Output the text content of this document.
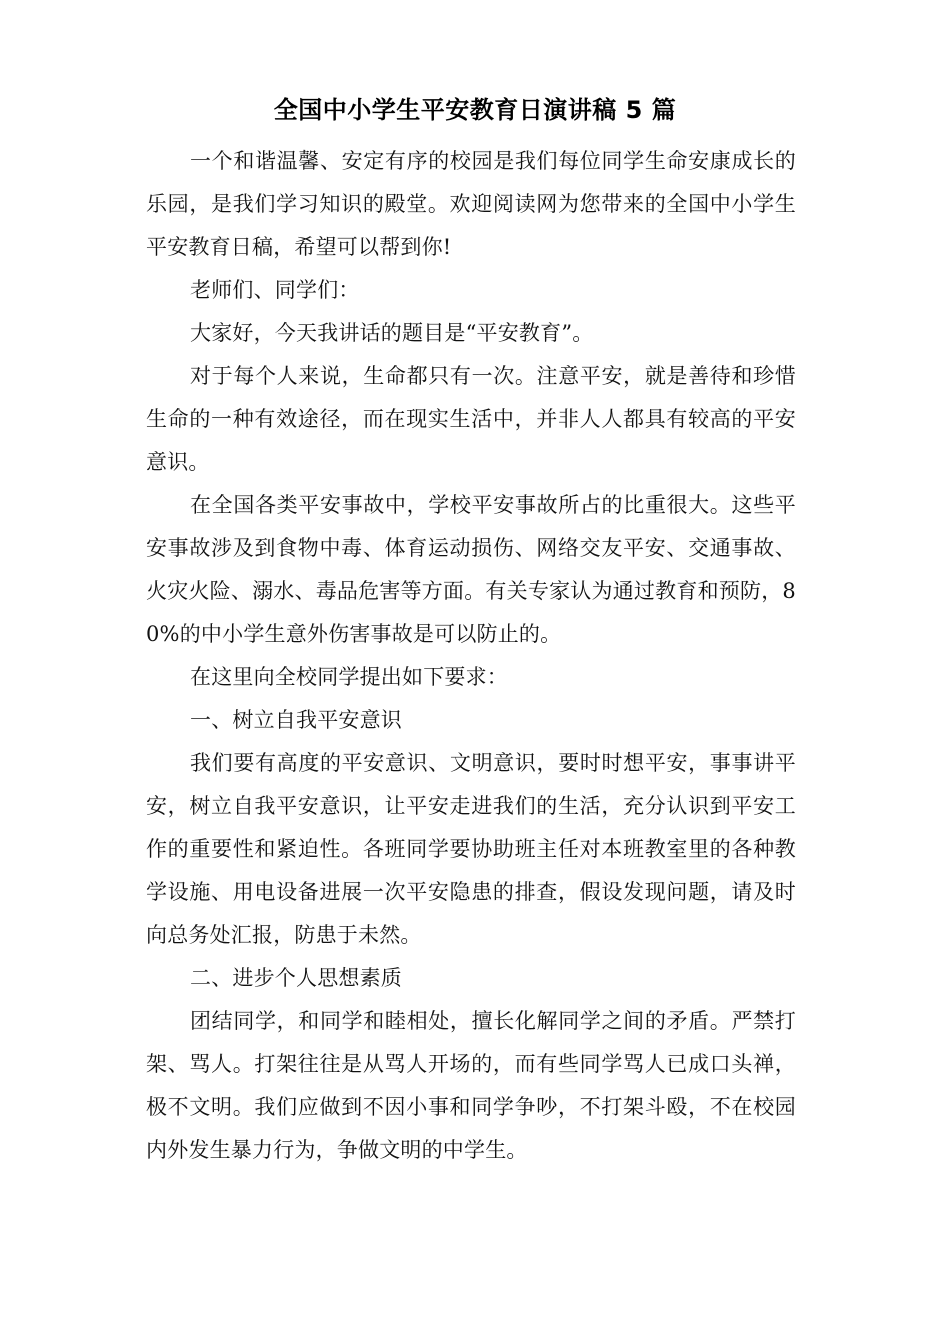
全国中小学生平安教育日演讲稿 5 篇

一个和谐温馨、安定有序的校园是我们每位同学生命安康成长的乐园，是我们学习知识的殿堂。欢迎阅读网为您带来的全国中小学生平安教育日稿，希望可以帮到你!

老师们、同学们：

大家好，今天我讲话的题目是“平安教育”。

对于每个人来说，生命都只有一次。注意平安，就是善待和珍惜生命的一种有效途径，而在现实生活中，并非人人都具有较高的平安意识。

在全国各类平安事故中，学校平安事故所占的比重很大。这些平安事故涉及到食物中毒、体育运动损伤、网络交友平安、交通事故、火灾火险、溺水、毒品危害等方面。有关专家认为通过教育和预防，80%的中小学生意外伤害事故是可以防止的。

在这里向全校同学提出如下要求：

一、树立自我平安意识

我们要有高度的平安意识、文明意识，要时时想平安，事事讲平安，树立自我平安意识，让平安走进我们的生活，充分认识到平安工作的重要性和紧迫性。各班同学要协助班主任对本班教室里的各种教学设施、用电设备进展一次平安隐患的排查，假设发现问题，请及时向总务处汇报，防患于未然。

二、进步个人思想素质

团结同学，和同学和睦相处，擅长化解同学之间的矛盾。严禁打架、骂人。打架往往是从骂人开场的，而有些同学骂人已成口头禅，极不文明。我们应做到不因小事和同学争吵，不打架斗殴，不在校园内外发生暴力行为，争做文明的中学生。
